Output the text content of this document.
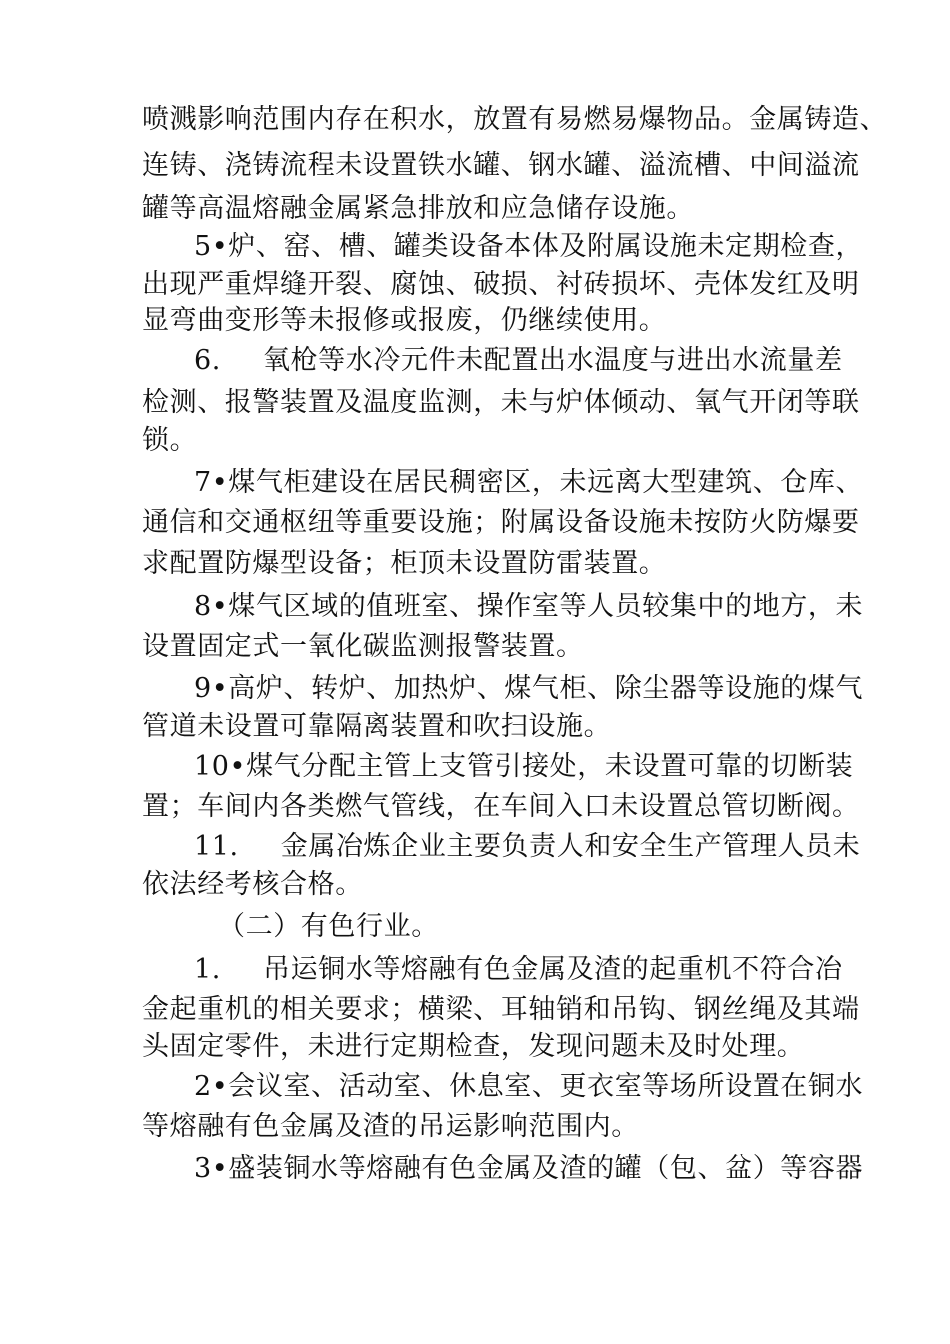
喷溅影响范围内存在积水，放置有易燃易爆物品。金属铸造、
连铸、浇铸流程未设置铁水罐、钢水罐、溢流槽、中间溢流
罐等高温熔融金属紧急排放和应急储存设施。
5•炉、窑、槽、罐类设备本体及附属设施未定期检查，
出现严重焊缝开裂、腐蚀、破损、衬砖损坏、壳体发红及明
显弯曲变形等未报修或报废，仍继续使用。
6. 氧枪等水冷元件未配置出水温度与进出水流量差
检测、报警装置及温度监测，未与炉体倾动、氧气开闭等联
锁。
7•煤气柜建设在居民稠密区，未远离大型建筑、仓库、
通信和交通枢纽等重要设施；附属设备设施未按防火防爆要
求配置防爆型设备；柜顶未设置防雷装置。
8•煤气区域的值班室、操作室等人员较集中的地方，未
设置固定式一氧化碳监测报警装置。
9•高炉、转炉、加热炉、煤气柜、除尘器等设施的煤气
管道未设置可靠隔离装置和吹扫设施。
10•煤气分配主管上支管引接处，未设置可靠的切断装
置；车间内各类燃气管线，在车间入口未设置总管切断阀。
11. 金属冶炼企业主要负责人和安全生产管理人员未
依法经考核合格。
（二）有色行业。
1. 吊运铜水等熔融有色金属及渣的起重机不符合冶
金起重机的相关要求；横梁、耳轴销和吊钩、钢丝绳及其端
头固定零件，未进行定期检查，发现问题未及时处理。
2•会议室、活动室、休息室、更衣室等场所设置在铜水
等熔融有色金属及渣的吊运影响范围内。
3•盛装铜水等熔融有色金属及渣的罐（包、盆）等容器
